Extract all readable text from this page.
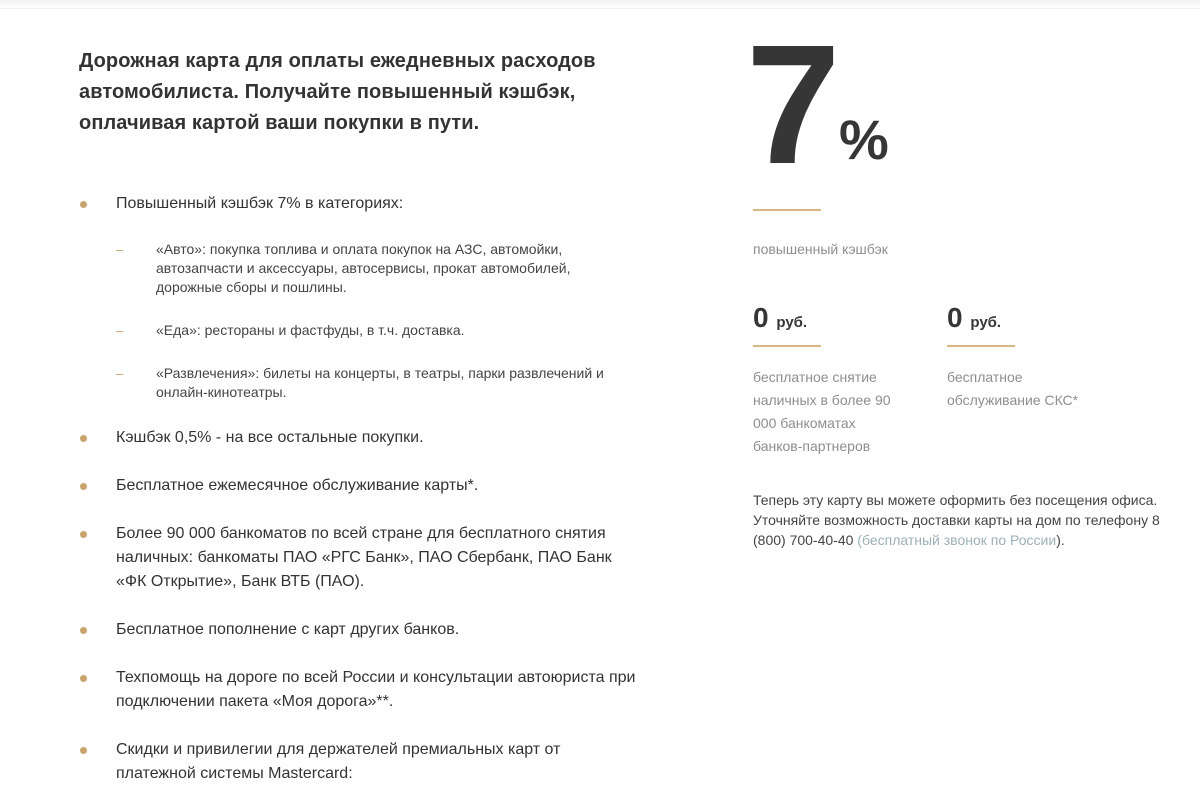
Дорожная карта для оплаты ежедневных расходов автомобилиста. Получайте повышенный кэшбэк, оплачивая картой ваши покупки в пути.

Повышенный кэшбэк 7% в категориях:
– «Авто»: покупка топлива и оплата покупок на АЗС, автомойки, автозапчасти и аксессуары, автосервисы, прокат автомобилей, дорожные сборы и пошлины.
– «Еда»: рестораны и фастфуды, в т.ч. доставка.
– «Развлечения»: билеты на концерты, в театры, парки развлечений и онлайн-кинотеатры.
Кэшбэк 0,5% - на все остальные покупки.
Бесплатное ежемесячное обслуживание карты*.
Более 90 000 банкоматов по всей стране для бесплатного снятия наличных: банкоматы ПАО «РГС Банк», ПАО Сбербанк, ПАО Банк «ФК Открытие», Банк ВТБ (ПАО).
Бесплатное пополнение с карт других банков.
Техпомощь на дороге по всей России и консультации автоюриста при подключении пакета «Моя дорога»**.
Скидки и привилегии для держателей премиальных карт от платежной системы Mastercard:
7 %
повышенный кэшбэк
0 руб.
бесплатное снятие наличных в более 90 000 банкоматах банков-партнеров
0 руб.
бесплатное обслуживание СКС*
Теперь эту карту вы можете оформить без посещения офиса. Уточняйте возможность доставки карты на дом по телефону 8 (800) 700-40-40 (бесплатный звонок по России).
